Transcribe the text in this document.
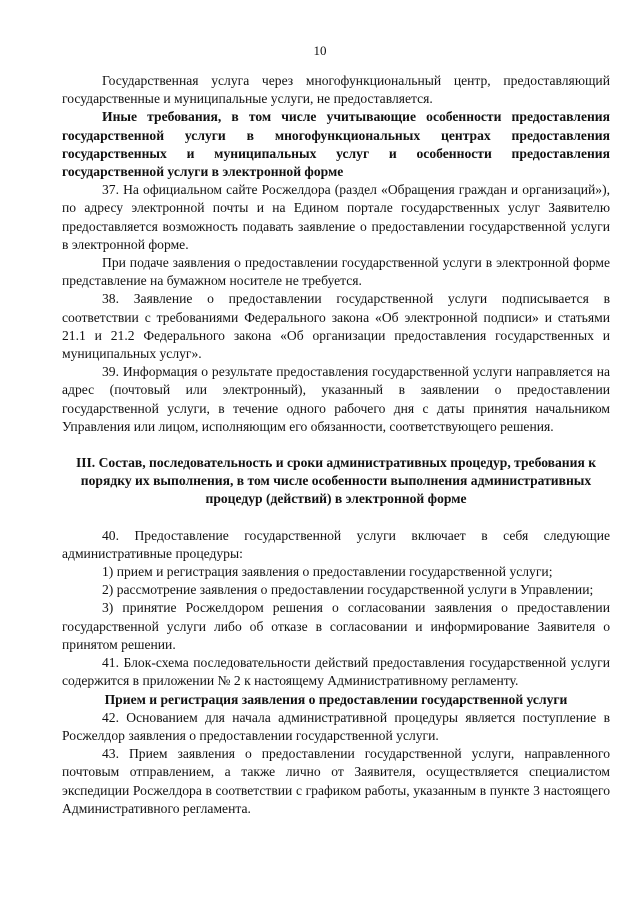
10

Государственная услуга через многофункциональный центр, предоставляющий государственные и муниципальные услуги, не предоставляется.

Иные требования, в том числе учитывающие особенности предоставления государственной услуги в многофункциональных центрах предоставления государственных и муниципальных услуг и особенности предоставления государственной услуги в электронной форме

37. На официальном сайте Росжелдора (раздел «Обращения граждан и организаций»), по адресу электронной почты и на Едином портале государственных услуг Заявителю предоставляется возможность подавать заявление о предоставлении государственной услуги в электронной форме.

При подаче заявления о предоставлении государственной услуги в электронной форме представление на бумажном носителе не требуется.

38. Заявление о предоставлении государственной услуги подписывается в соответствии с требованиями Федерального закона «Об электронной подписи» и статьями 21.1 и 21.2 Федерального закона «Об организации предоставления государственных и муниципальных услуг».

39. Информация о результате предоставления государственной услуги направляется на адрес (почтовый или электронный), указанный в заявлении о предоставлении государственной услуги, в течение одного рабочего дня с даты принятия начальником Управления или лицом, исполняющим его обязанности, соответствующего решения.

III. Состав, последовательность и сроки административных процедур, требования к порядку их выполнения, в том числе особенности выполнения административных процедур (действий) в электронной форме

40. Предоставление государственной услуги включает в себя следующие административные процедуры:

1) прием и регистрация заявления о предоставлении государственной услуги;

2) рассмотрение заявления о предоставлении государственной услуги в Управлении;

3) принятие Росжелдором решения о согласовании заявления о предоставлении государственной услуги либо об отказе в согласовании и информирование Заявителя о принятом решении.

41. Блок-схема последовательности действий предоставления государственной услуги содержится в приложении № 2 к настоящему Административному регламенту.

Прием и регистрация заявления о предоставлении государственной услуги

42. Основанием для начала административной процедуры является поступление в Росжелдор заявления о предоставлении государственной услуги.

43. Прием заявления о предоставлении государственной услуги, направленного почтовым отправлением, а также лично от Заявителя, осуществляется специалистом экспедиции Росжелдора в соответствии с графиком работы, указанным в пункте 3 настоящего Административного регламента.
